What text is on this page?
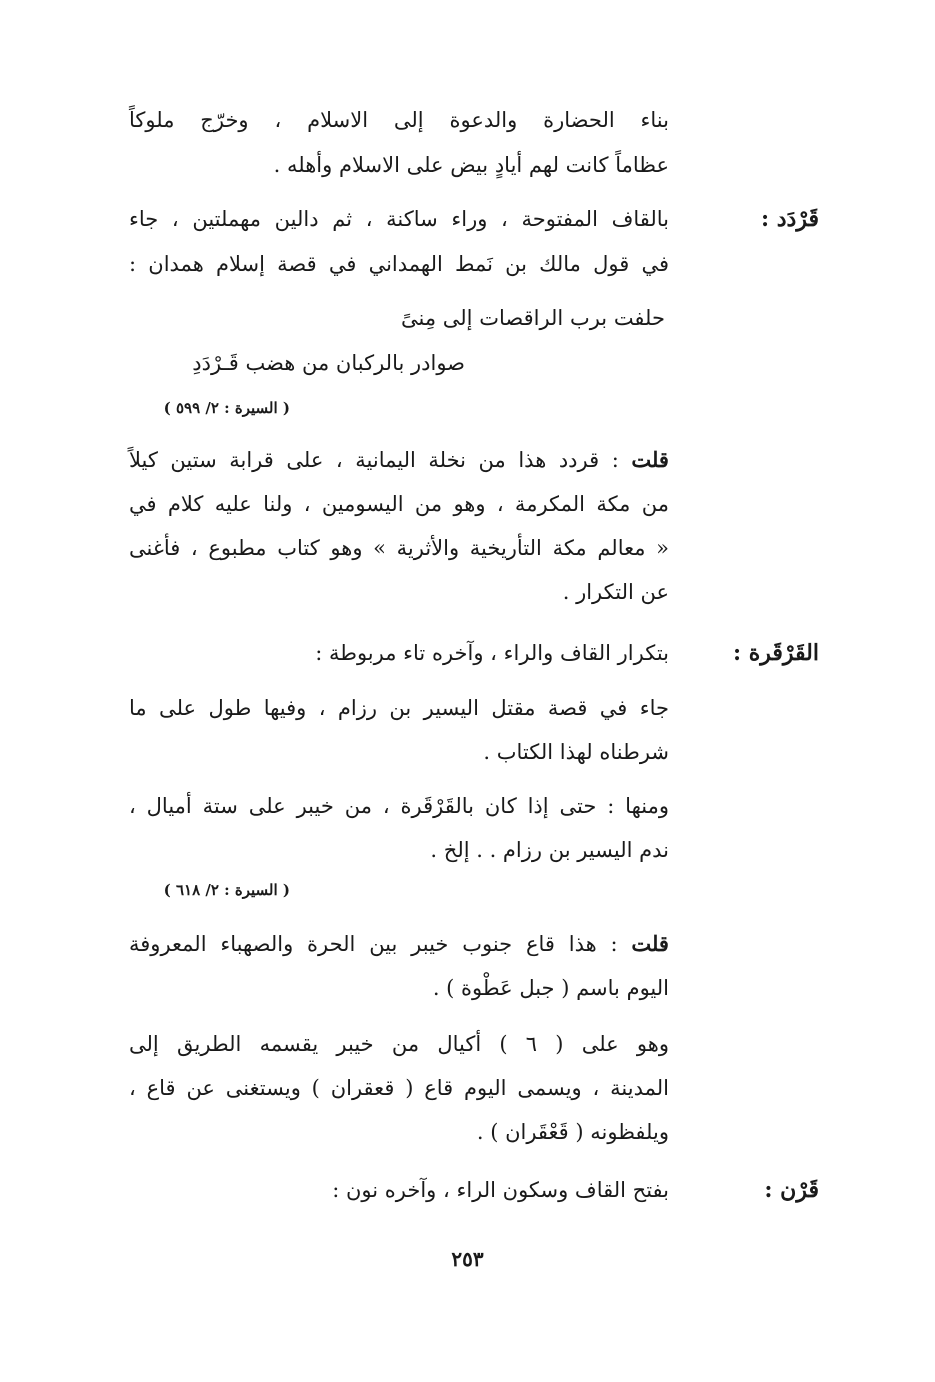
بناء الحضارة والدعوة إلى الاسلام ، وخرّج ملوكاً
عظاماً كانت لهم أيادٍ بيض على الاسلام وأهله .
قَرْدَد :
بالقاف المفتوحة ، وراء ساكنة ، ثم دالين مهملتين ، جاء
في قول مالك بن نَمط الهمداني في قصة إسلام همدان :
حلفت برب الراقصات إلى مِنىً
صوادر بالركبان من هضب قَـرْدَدِ
( السيرة : ٢/ ٥٩٩ )
قلت : قردد هذا من نخلة اليمانية ، على قرابة ستين كيلاً
من مكة المكرمة ، وهو من اليسومين ، ولنا عليه كلام في
« معالم مكة التأريخية والأثرية » وهو كتاب مطبوع ، فأغنى
عن التكرار .
القَرْقَرة :
بتكرار القاف والراء ، وآخره تاء مربوطة :
جاء في قصة مقتل اليسير بن رزام ، وفيها طول على ما
شرطناه لهذا الكتاب .
ومنها : حتى إذا كان بالقَرْقَرة ، من خيبر على ستة أميال ،
ندم اليسير بن رزام . . إلخ .
( السيرة : ٢/ ٦١٨ )
قلت : هذا قاع جنوب خيبر بين الحرة والصهباء المعروفة
اليوم باسم ( جبل عَطْوة ) .
وهو على ( ٦ ) أكيال من خيبر يقسمه الطريق إلى
المدينة ، ويسمى اليوم قاع ( قعقران ) ويستغنى عن قاع ،
ويلفظونه ( قَعْقَران ) .
قَرْن :
بفتح القاف وسكون الراء ، وآخره نون :
٢٥٣
